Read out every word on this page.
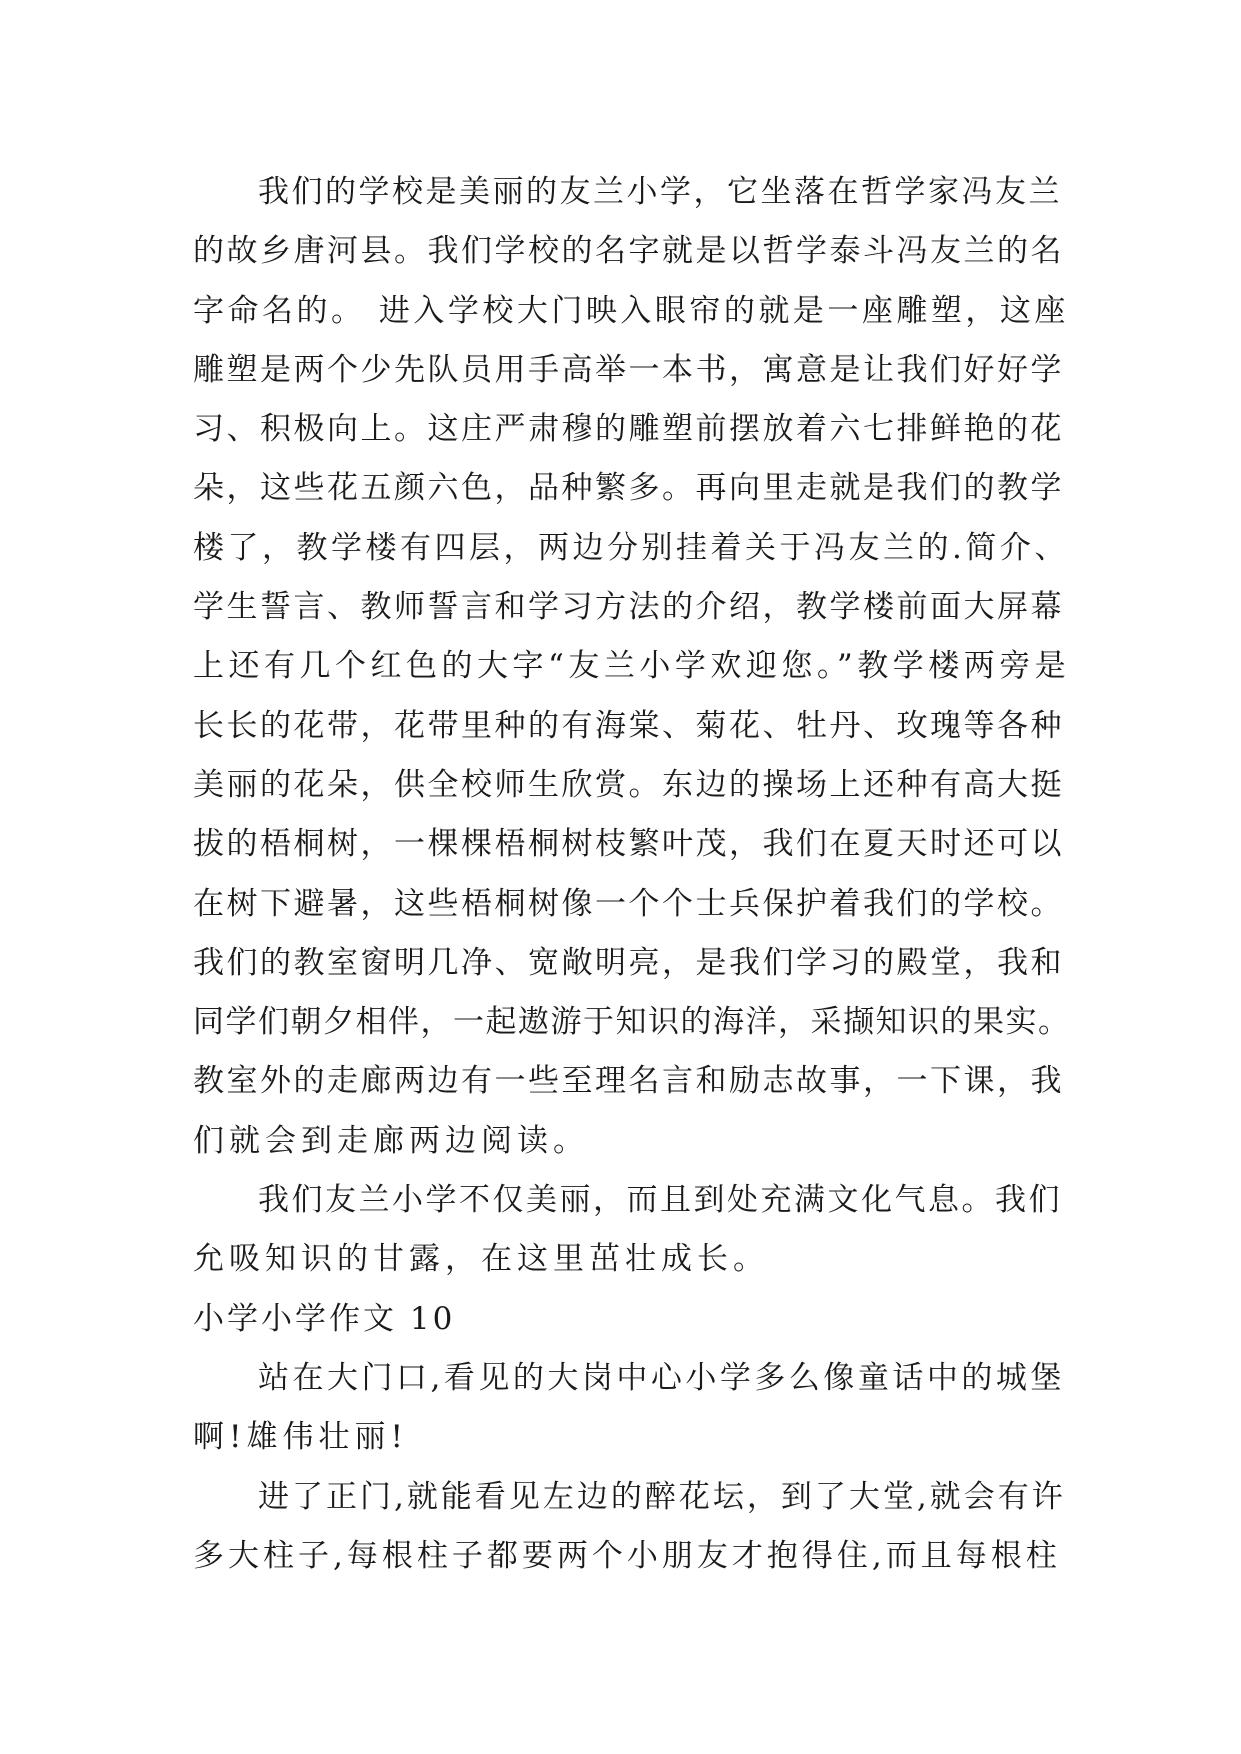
我们的学校是美丽的友兰小学，它坐落在哲学家冯友兰
的故乡唐河县。我们学校的名字就是以哲学泰斗冯友兰的名
字命名的。 进入学校大门映入眼帘的就是一座雕塑，这座
雕塑是两个少先队员用手高举一本书，寓意是让我们好好学
习、积极向上。这庄严肃穆的雕塑前摆放着六七排鲜艳的花
朵，这些花五颜六色，品种繁多。再向里走就是我们的教学
楼了，教学楼有四层，两边分别挂着关于冯友兰的.简介、
学生誓言、教师誓言和学习方法的介绍，教学楼前面大屏幕
上还有几个红色的大字“友兰小学欢迎您。”教学楼两旁是
长长的花带，花带里种的有海棠、菊花、牡丹、玫瑰等各种
美丽的花朵，供全校师生欣赏。东边的操场上还种有高大挺
拔的梧桐树，一棵棵梧桐树枝繁叶茂，我们在夏天时还可以
在树下避暑，这些梧桐树像一个个士兵保护着我们的学校。
我们的教室窗明几净、宽敞明亮，是我们学习的殿堂，我和
同学们朝夕相伴，一起遨游于知识的海洋，采撷知识的果实。
教室外的走廊两边有一些至理名言和励志故事，一下课，我
们就会到走廊两边阅读。
我们友兰小学不仅美丽，而且到处充满文化气息。我们
允吸知识的甘露，在这里茁壮成长。
小学小学作文 10
站在大门口,看见的大岗中心小学多么像童话中的城堡
啊!雄伟壮丽!
进了正门,就能看见左边的醉花坛，到了大堂,就会有许
多大柱子,每根柱子都要两个小朋友才抱得住,而且每根柱
